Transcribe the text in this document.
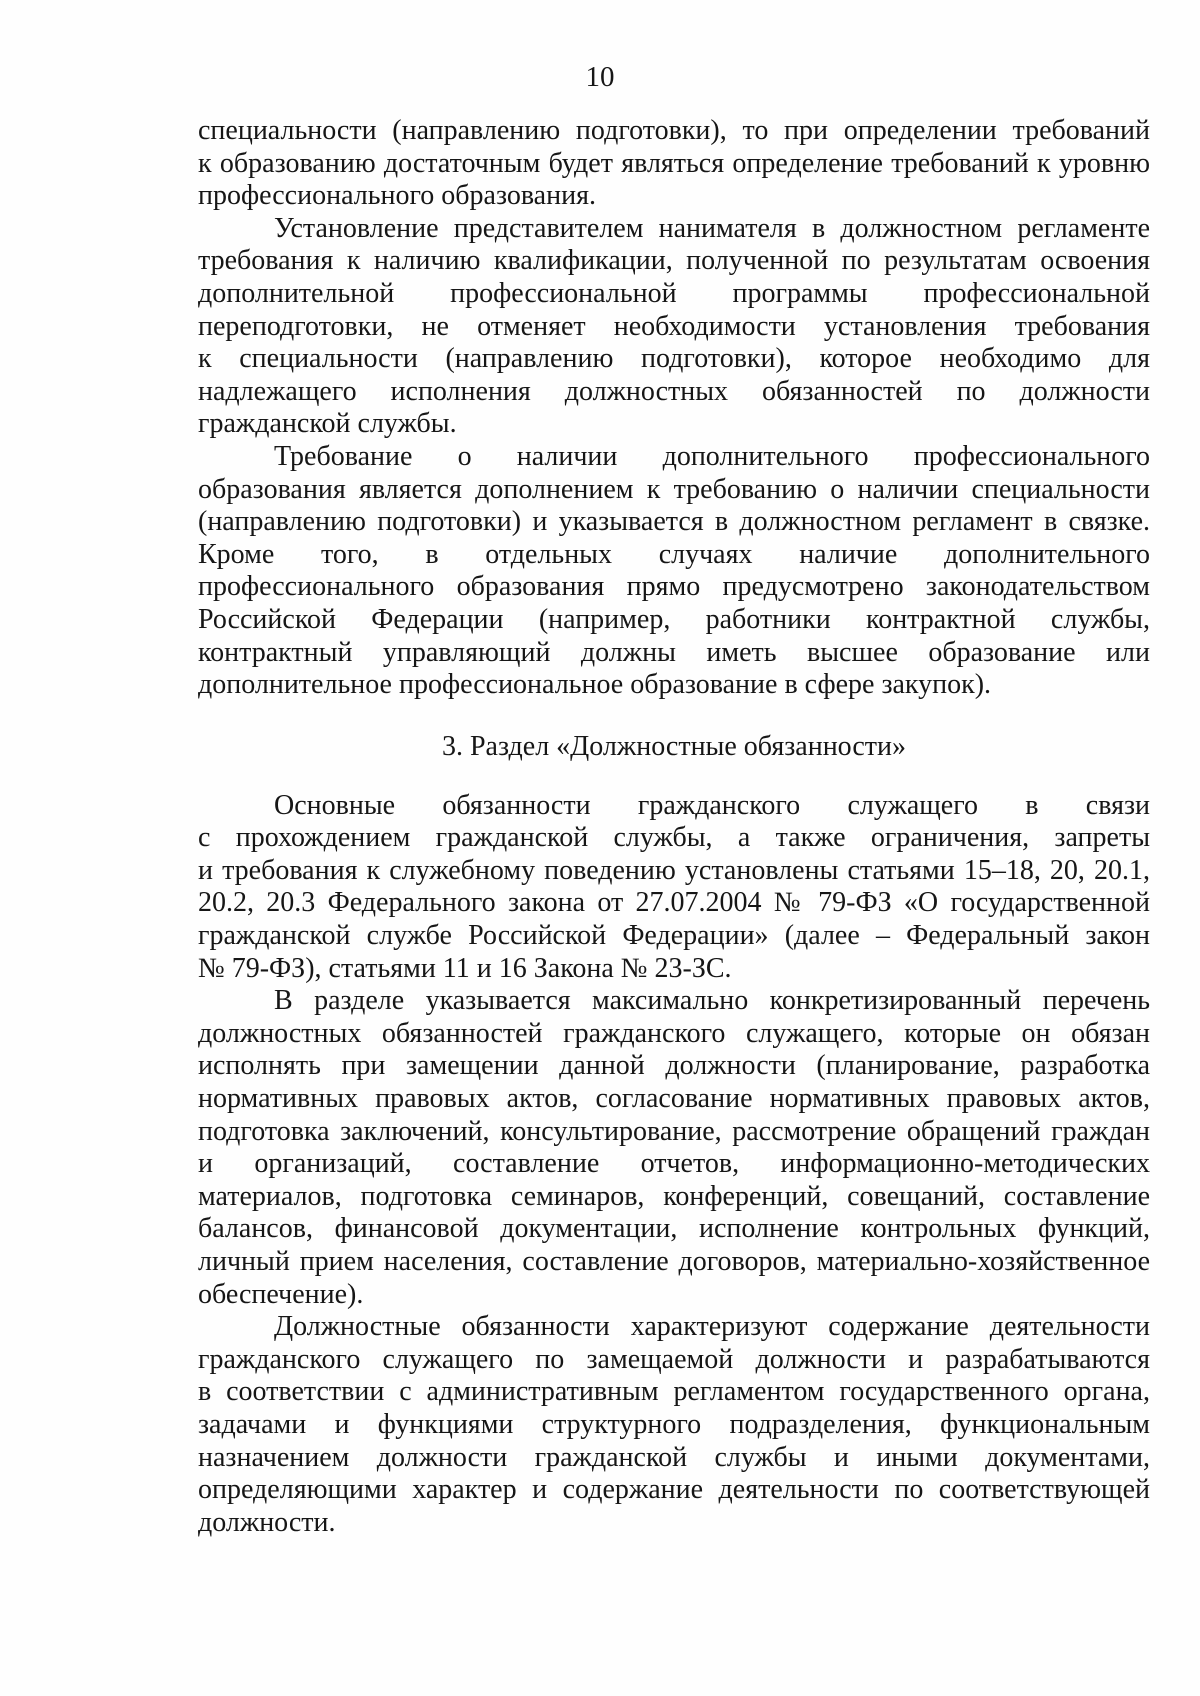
10

специальности (направлению подготовки), то при определении требований
к образованию достаточным будет являться определение требований к уровню
профессионального образования.

Установление представителем нанимателя в должностном регламенте
требования к наличию квалификации, полученной по результатам освоения
дополнительной профессиональной программы профессиональной
переподготовки, не отменяет необходимости установления требования
к специальности (направлению подготовки), которое необходимо для
надлежащего исполнения должностных обязанностей по должности
гражданской службы.

Требование о наличии дополнительного профессионального
образования является дополнением к требованию о наличии специальности
(направлению подготовки) и указывается в должностном регламент в связке.
Кроме того, в отдельных случаях наличие дополнительного
профессионального образования прямо предусмотрено законодательством
Российской Федерации (например, работники контрактной службы,
контрактный управляющий должны иметь высшее образование или
дополнительное профессиональное образование в сфере закупок).

3. Раздел «Должностные обязанности»

Основные обязанности гражданского служащего в связи
с прохождением гражданской службы, а также ограничения, запреты
и требования к служебному поведению установлены статьями 15–18, 20, 20.1,
20.2, 20.3 Федерального закона от 27.07.2004 № 79-ФЗ «О государственной
гражданской службе Российской Федерации» (далее – Федеральный закон
№ 79-ФЗ), статьями 11 и 16 Закона № 23-ЗС.

В разделе указывается максимально конкретизированный перечень
должностных обязанностей гражданского служащего, которые он обязан
исполнять при замещении данной должности (планирование, разработка
нормативных правовых актов, согласование нормативных правовых актов,
подготовка заключений, консультирование, рассмотрение обращений граждан
и организаций, составление отчетов, информационно-методических
материалов, подготовка семинаров, конференций, совещаний, составление
балансов, финансовой документации, исполнение контрольных функций,
личный прием населения, составление договоров, материально-хозяйственное
обеспечение).

Должностные обязанности характеризуют содержание деятельности
гражданского служащего по замещаемой должности и разрабатываются
в соответствии с административным регламентом государственного органа,
задачами и функциями структурного подразделения, функциональным
назначением должности гражданской службы и иными документами,
определяющими характер и содержание деятельности по соответствующей
должности.
